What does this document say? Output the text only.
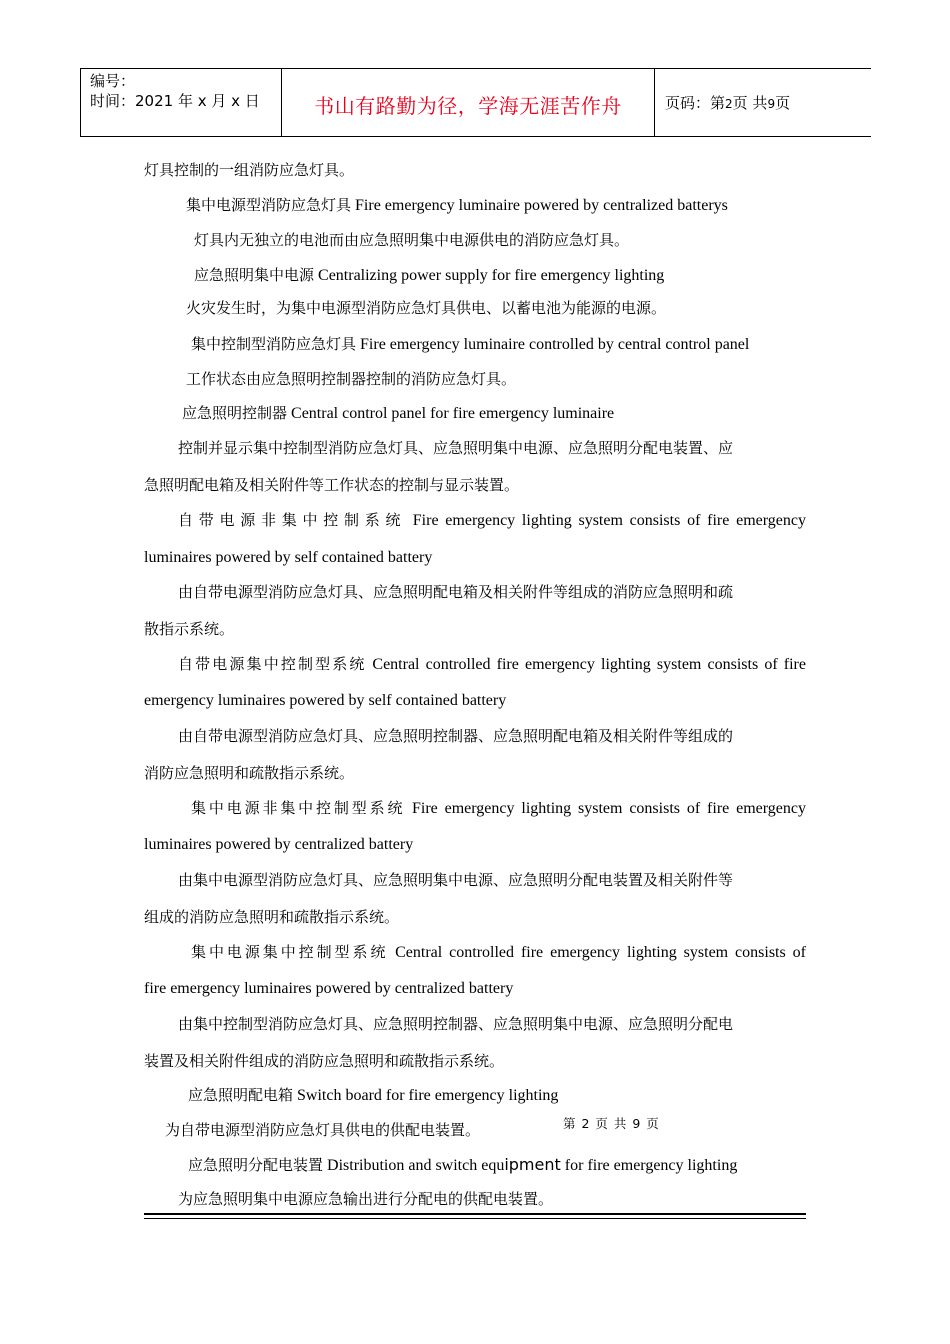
编号：
时间：2021 年 x 月 x 日	书山有路勤为径，学海无涯苦作舟	页码：第2页 共9页
灯具控制的一组消防应急灯具。
集中电源型消防应急灯具 Fire emergency luminaire powered by centralized batterys
灯具内无独立的电池而由应急照明集中电源供电的消防应急灯具。
应急照明集中电源 Centralizing power supply for fire emergency lighting
火灾发生时，为集中电源型消防应急灯具供电、以蓄电池为能源的电源。
集中控制型消防应急灯具 Fire emergency luminaire controlled by central control panel
工作状态由应急照明控制器控制的消防应急灯具。
应急照明控制器 Central control panel for fire emergency luminaire
控制并显示集中控制型消防应急灯具、应急照明集中电源、应急照明分配电装置、应
急照明配电箱及相关附件等工作状态的控制与显示装置。
自带电源非集中控制系统 Fire emergency lighting system consists of fire emergency
luminaires powered by self contained battery
由自带电源型消防应急灯具、应急照明配电箱及相关附件等组成的消防应急照明和疏
散指示系统。
自带电源集中控制型系统 Central controlled fire emergency lighting system consists of fire
emergency luminaires powered by self contained battery
由自带电源型消防应急灯具、应急照明控制器、应急照明配电箱及相关附件等组成的
消防应急照明和疏散指示系统。
集中电源非集中控制型系统 Fire emergency lighting system consists of fire emergency
luminaires powered by centralized battery
由集中电源型消防应急灯具、应急照明集中电源、应急照明分配电装置及相关附件等
组成的消防应急照明和疏散指示系统。
集中电源集中控制型系统 Central controlled fire emergency lighting system consists of
fire emergency luminaires powered by centralized battery
由集中控制型消防应急灯具、应急照明控制器、应急照明集中电源、应急照明分配电
装置及相关附件组成的消防应急照明和疏散指示系统。
应急照明配电箱 Switch board for fire emergency lighting
为自带电源型消防应急灯具供电的供配电装置。	第 2 页 共 9 页
应急照明分配电装置 Distribution and switch equipment for fire emergency lighting
为应急照明集中电源应急输出进行分配电的供配电装置。
